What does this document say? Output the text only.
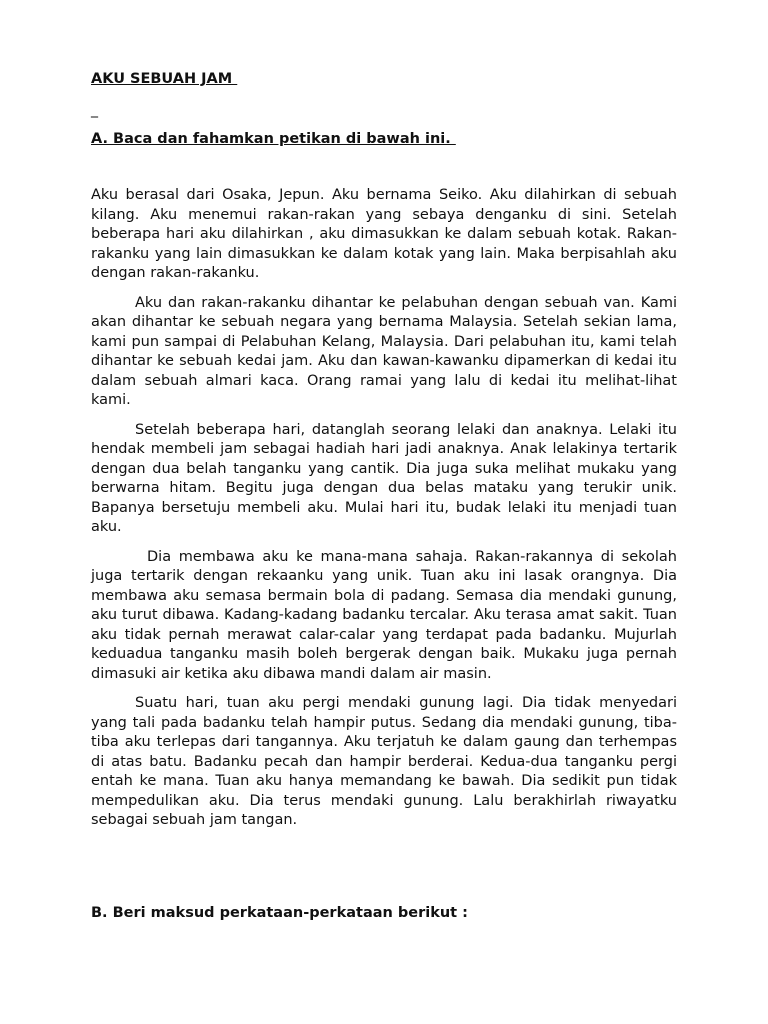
AKU SEBUAH JAM

_

A. Baca dan fahamkan petikan di bawah ini.

Aku berasal dari Osaka, Jepun. Aku bernama Seiko. Aku dilahirkan di sebuah kilang. Aku menemui rakan-rakan yang sebaya denganku di sini. Setelah beberapa hari aku dilahirkan , aku dimasukkan ke dalam sebuah kotak. Rakan-rakanku yang lain dimasukkan ke dalam kotak yang lain. Maka berpisahlah aku dengan rakan-rakanku.

Aku dan rakan-rakanku dihantar ke pelabuhan dengan sebuah van. Kami akan dihantar ke sebuah negara yang bernama Malaysia. Setelah sekian lama, kami pun sampai di Pelabuhan Kelang, Malaysia. Dari pelabuhan itu, kami telah dihantar ke sebuah kedai jam. Aku dan kawan-kawanku dipamerkan di kedai itu dalam sebuah almari kaca. Orang ramai yang lalu di kedai itu melihat-lihat kami.

Setelah beberapa hari, datanglah seorang lelaki dan anaknya. Lelaki itu hendak membeli jam sebagai hadiah hari jadi anaknya. Anak lelakinya tertarik dengan dua belah tanganku yang cantik. Dia juga suka melihat mukaku yang berwarna hitam. Begitu juga dengan dua belas mataku yang terukir unik. Bapanya bersetuju membeli aku. Mulai hari itu, budak lelaki itu menjadi tuan aku.

Dia membawa aku ke mana-mana sahaja. Rakan-rakannya di sekolah juga tertarik dengan rekaanku yang unik. Tuan aku ini lasak orangnya. Dia membawa aku semasa bermain bola di padang. Semasa dia mendaki gunung, aku turut dibawa. Kadang-kadang badanku tercalar. Aku terasa amat sakit. Tuan aku tidak pernah merawat calar-calar yang terdapat pada badanku. Mujurlah keduadua tanganku masih boleh bergerak dengan baik. Mukaku juga pernah dimasuki air ketika aku dibawa mandi dalam air masin.

Suatu hari, tuan aku pergi mendaki gunung lagi. Dia tidak menyedari yang tali pada badanku telah hampir putus. Sedang dia mendaki gunung, tiba-tiba aku terlepas dari tangannya. Aku terjatuh ke dalam gaung dan terhempas di atas batu. Badanku pecah dan hampir berderai. Kedua-dua tanganku pergi entah ke mana. Tuan aku hanya memandang ke bawah. Dia sedikit pun tidak mempedulikan aku. Dia terus mendaki gunung. Lalu berakhirlah riwayatku sebagai sebuah jam tangan.

B. Beri maksud perkataan-perkataan berikut :
